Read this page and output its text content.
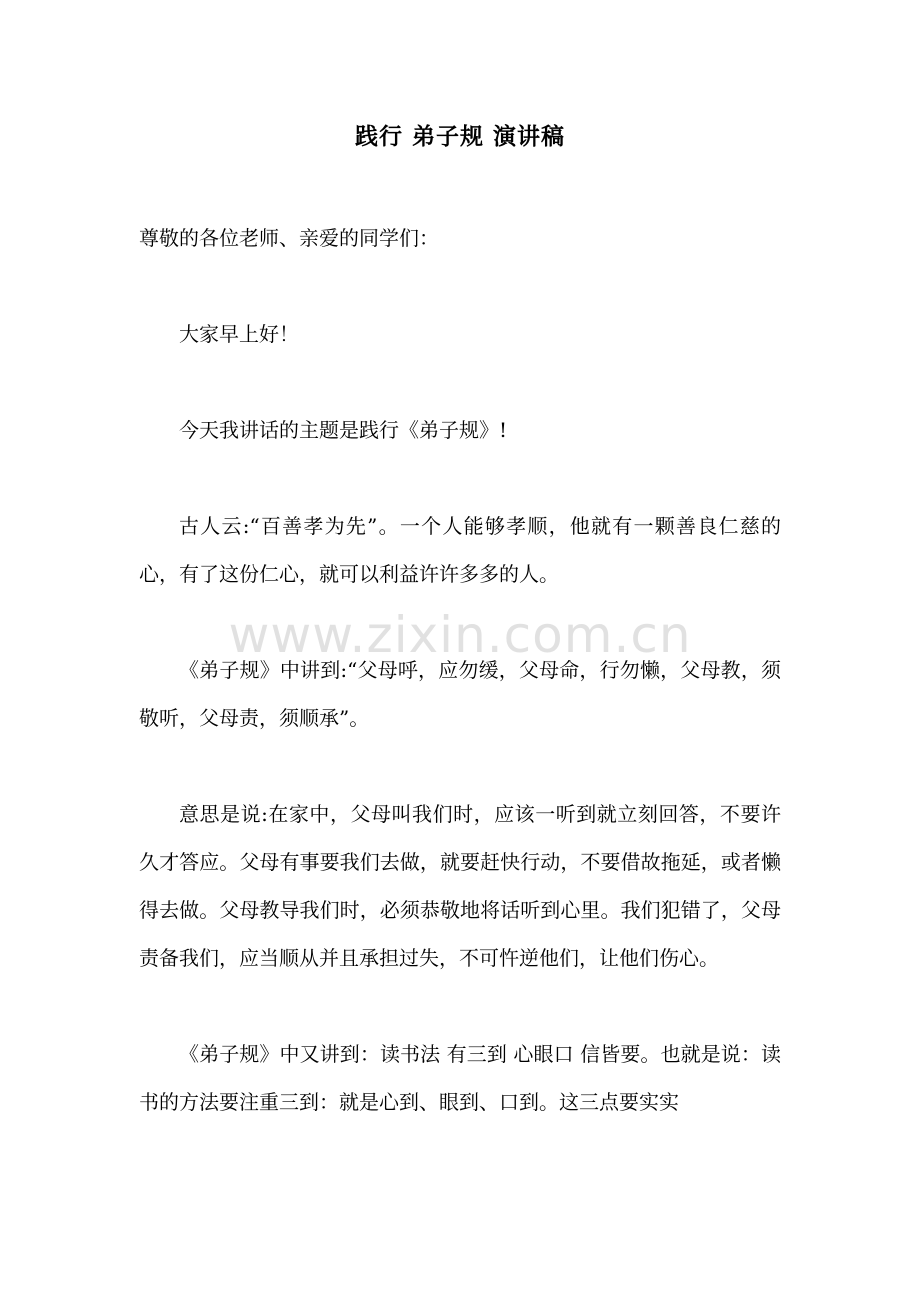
践行 弟子规 演讲稿

尊敬的各位老师、亲爱的同学们：

大家早上好！

今天我讲话的主题是践行《弟子规》!

古人云:“百善孝为先”。一个人能够孝顺，他就有一颗善良仁慈的心，有了这份仁心，就可以利益许许多多的人。

《弟子规》中讲到:“父母呼，应勿缓，父母命，行勿懒，父母教，须敬听，父母责，须顺承”。

意思是说:在家中，父母叫我们时，应该一听到就立刻回答，不要许久才答应。父母有事要我们去做，就要赶快行动，不要借故拖延，或者懒得去做。父母教导我们时，必须恭敬地将话听到心里。我们犯错了，父母责备我们，应当顺从并且承担过失，不可忤逆他们，让他们伤心。

《弟子规》中又讲到：读书法 有三到 心眼口 信皆要。也就是说：读书的方法要注重三到：就是心到、眼到、口到。这三点要实实

www.zixin.com.cn
